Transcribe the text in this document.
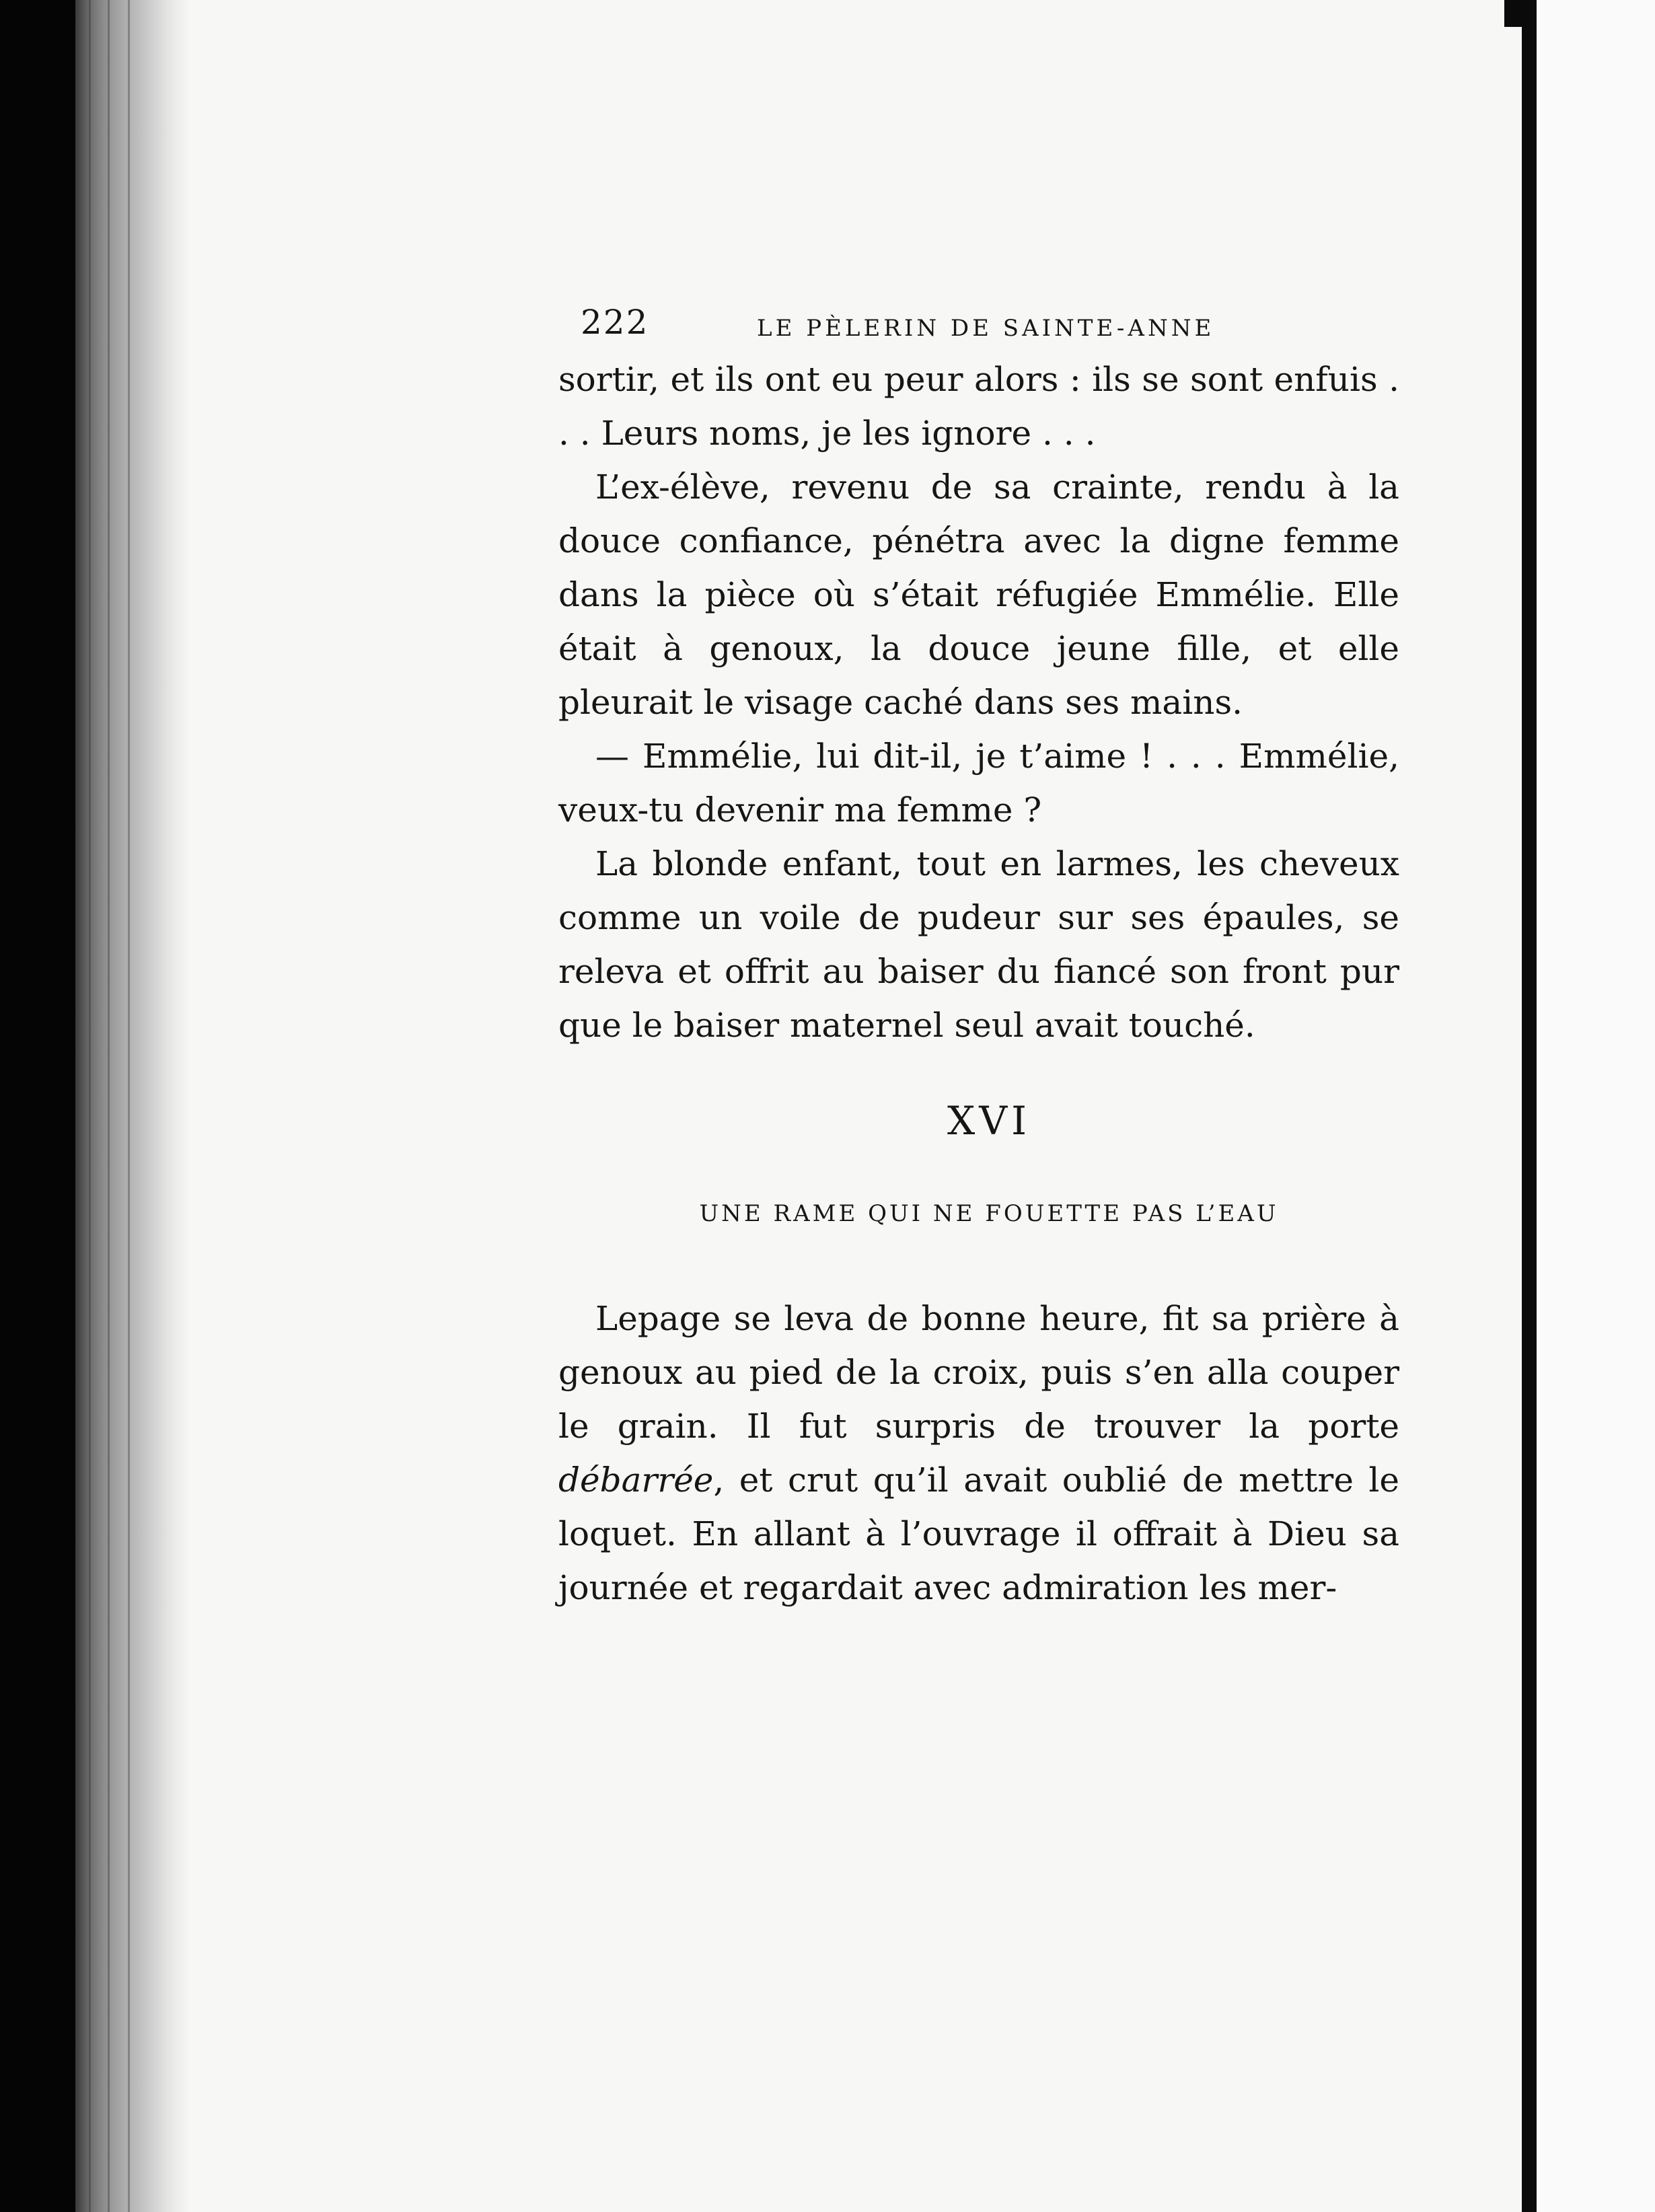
222	LE PÈLERIN DE SAINTE-ANNE

sortir, et ils ont eu peur alors : ils se sont enfuis . . . Leurs noms, je les ignore . . .

L’ex-élève, revenu de sa crainte, rendu à la douce confiance, pénétra avec la digne femme dans la pièce où s’était réfugiée Emmélie. Elle était à genoux, la douce jeune fille, et elle pleurait le visage caché dans ses mains.

— Emmélie, lui dit-il, je t’aime ! . . . Emmélie, veux-tu devenir ma femme ?

La blonde enfant, tout en larmes, les cheveux comme un voile de pudeur sur ses épaules, se releva et offrit au baiser du fiancé son front pur que le baiser maternel seul avait touché.

XVI
UNE RAME QUI NE FOUETTE PAS L’EAU

Lepage se leva de bonne heure, fit sa prière à genoux au pied de la croix, puis s’en alla couper le grain. Il fut surpris de trouver la porte débarrée, et crut qu’il avait oublié de mettre le loquet. En allant à l’ouvrage il offrait à Dieu sa journée et regardait avec admiration les mer-
